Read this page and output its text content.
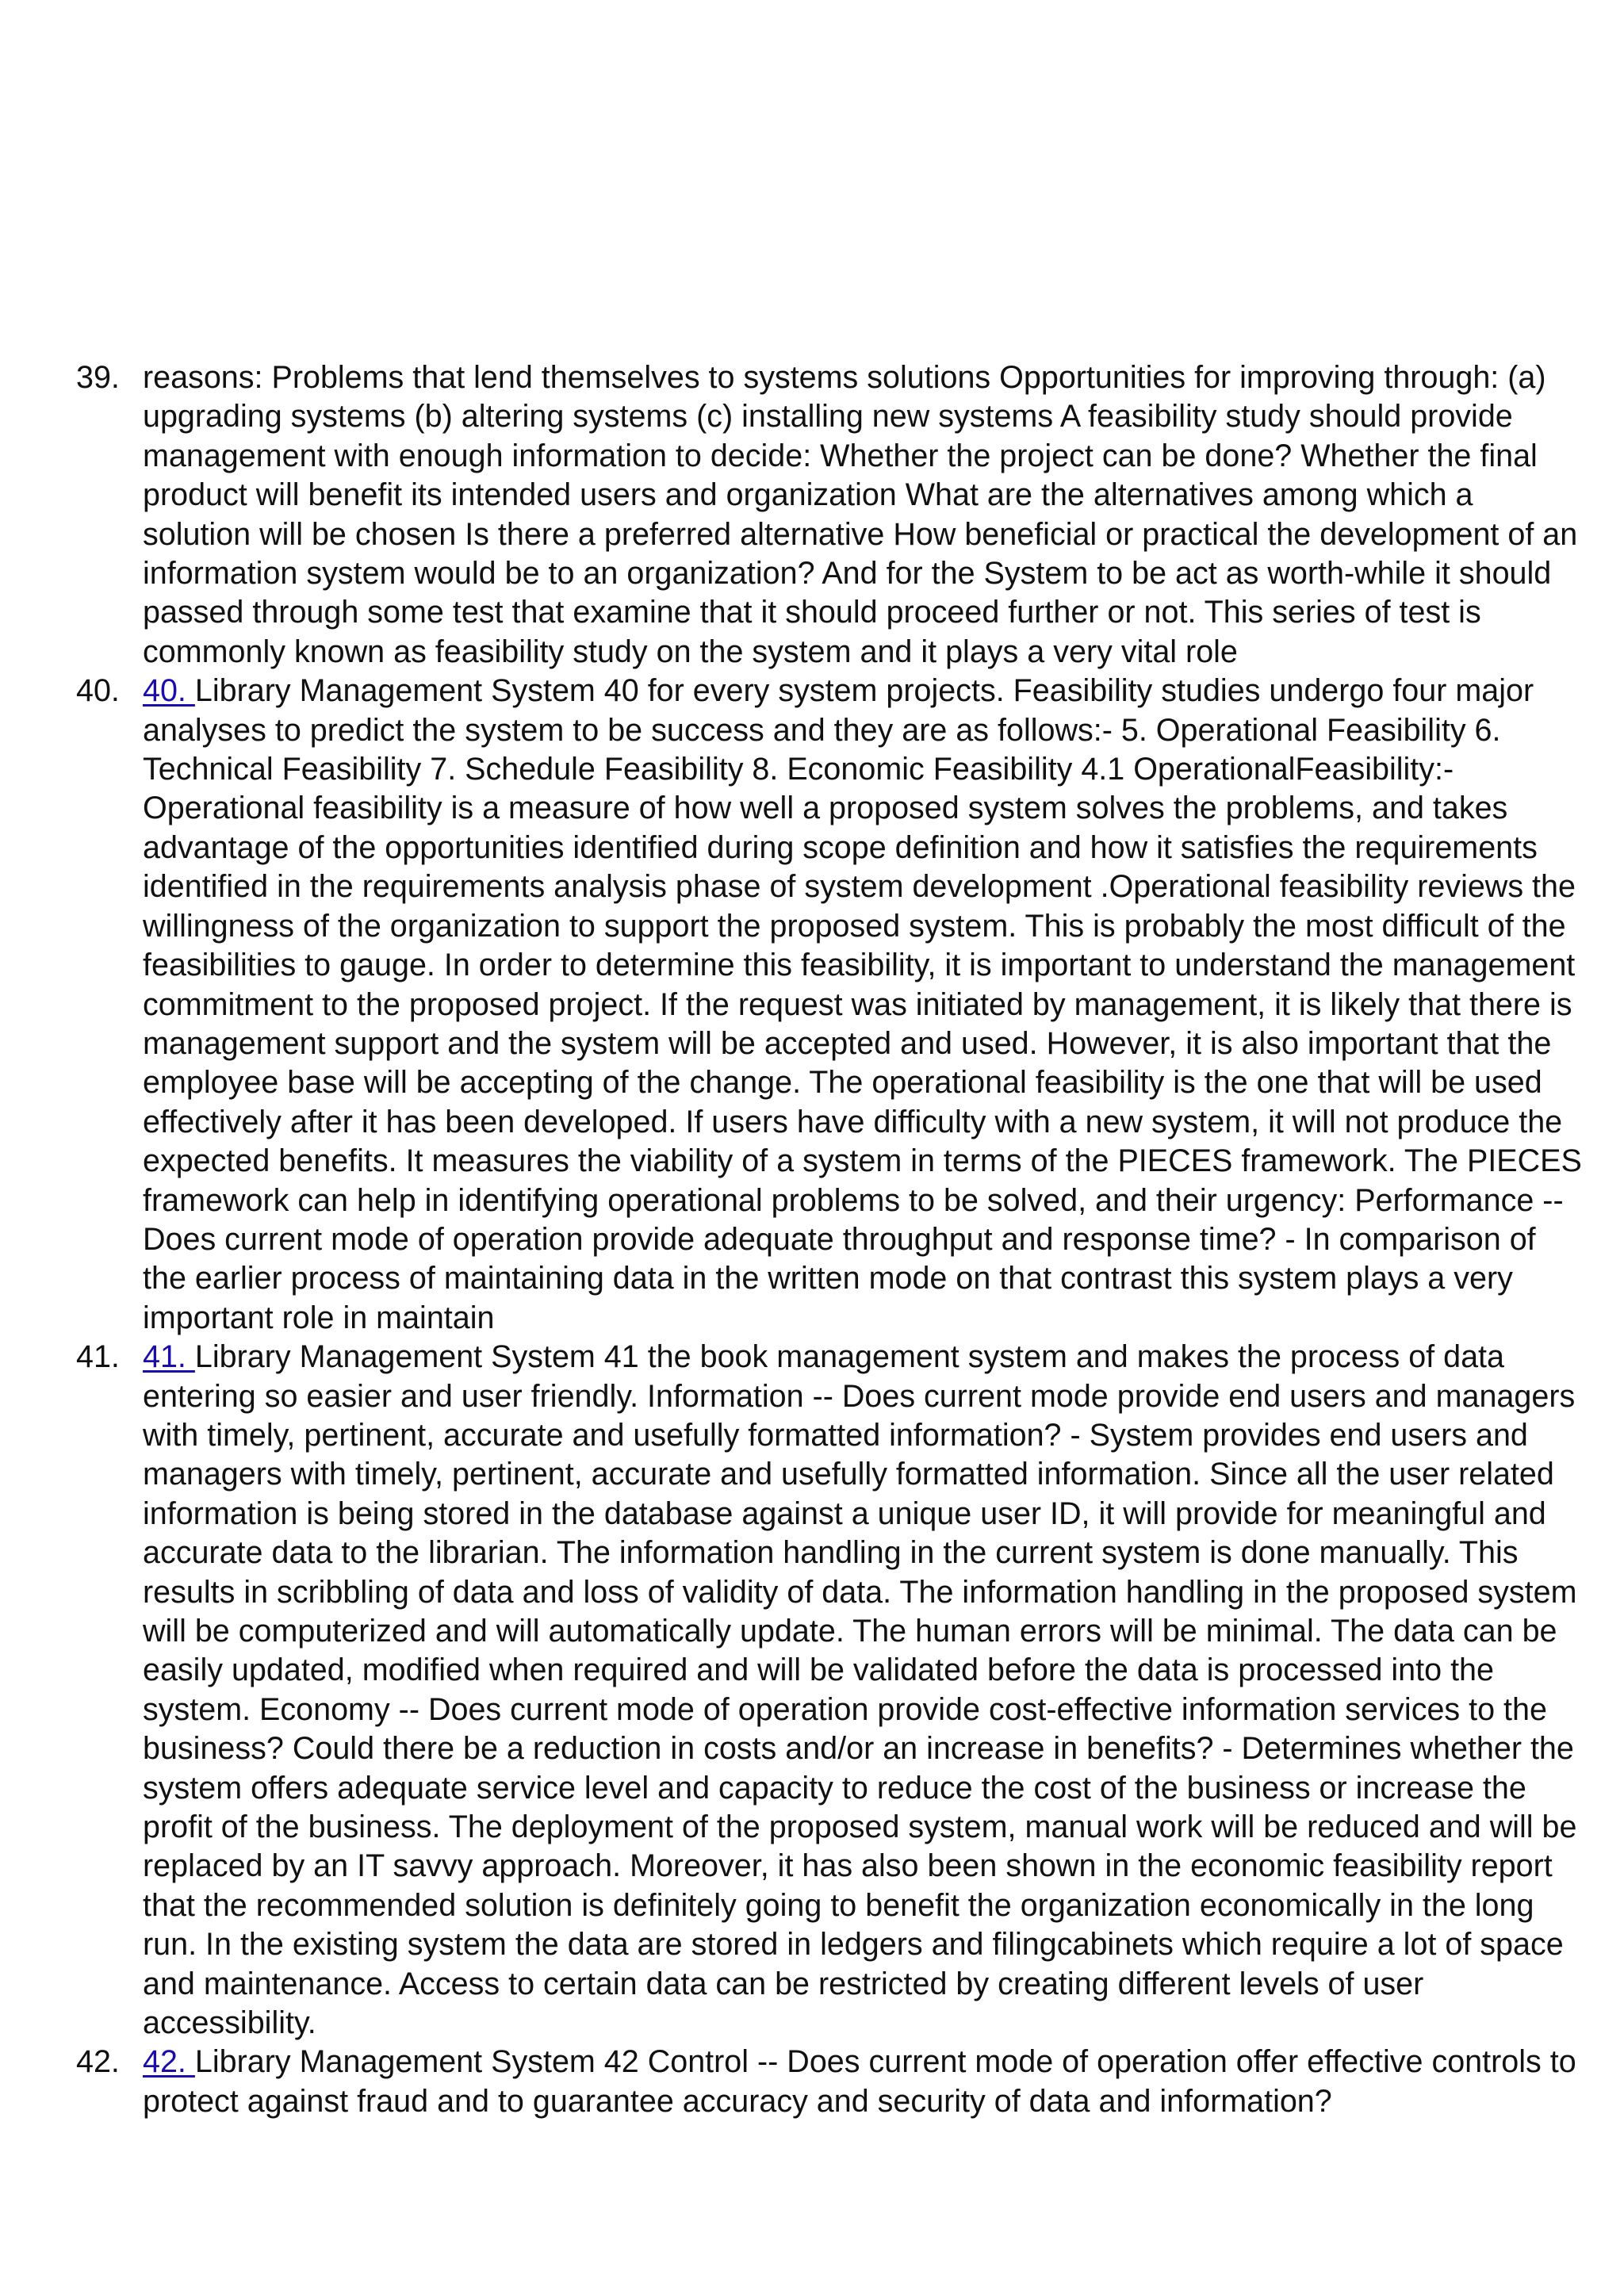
39. reasons: Problems that lend themselves to systems solutions Opportunities for improving through: (a) upgrading systems (b) altering systems (c) installing new systems A feasibility study should provide management with enough information to decide: Whether the project can be done? Whether the final product will benefit its intended users and organization What are the alternatives among which a solution will be chosen Is there a preferred alternative How beneficial or practical the development of an information system would be to an organization? And for the System to be act as worth-while it should passed through some test that examine that it should proceed further or not. This series of test is commonly known as feasibility study on the system and it plays a very vital role
40. 40. Library Management System 40 for every system projects. Feasibility studies undergo four major analyses to predict the system to be success and they are as follows:- 5. Operational Feasibility 6. Technical Feasibility 7. Schedule Feasibility 8. Economic Feasibility 4.1 OperationalFeasibility:- Operational feasibility is a measure of how well a proposed system solves the problems, and takes advantage of the opportunities identified during scope definition and how it satisfies the requirements identified in the requirements analysis phase of system development .Operational feasibility reviews the willingness of the organization to support the proposed system. This is probably the most difficult of the feasibilities to gauge. In order to determine this feasibility, it is important to understand the management commitment to the proposed project. If the request was initiated by management, it is likely that there is management support and the system will be accepted and used. However, it is also important that the employee base will be accepting of the change. The operational feasibility is the one that will be used effectively after it has been developed. If users have difficulty with a new system, it will not produce the expected benefits. It measures the viability of a system in terms of the PIECES framework. The PIECES framework can help in identifying operational problems to be solved, and their urgency: Performance -- Does current mode of operation provide adequate throughput and response time? - In comparison of the earlier process of maintaining data in the written mode on that contrast this system plays a very important role in maintain
41. 41. Library Management System 41 the book management system and makes the process of data entering so easier and user friendly. Information -- Does current mode provide end users and managers with timely, pertinent, accurate and usefully formatted information? - System provides end users and managers with timely, pertinent, accurate and usefully formatted information. Since all the user related information is being stored in the database against a unique user ID, it will provide for meaningful and accurate data to the librarian. The information handling in the current system is done manually. This results in scribbling of data and loss of validity of data. The information handling in the proposed system will be computerized and will automatically update. The human errors will be minimal. The data can be easily updated, modified when required and will be validated before the data is processed into the system. Economy -- Does current mode of operation provide cost-effective information services to the business? Could there be a reduction in costs and/or an increase in benefits? - Determines whether the system offers adequate service level and capacity to reduce the cost of the business or increase the profit of the business. The deployment of the proposed system, manual work will be reduced and will be replaced by an IT savvy approach. Moreover, it has also been shown in the economic feasibility report that the recommended solution is definitely going to benefit the organization economically in the long run. In the existing system the data are stored in ledgers and filingcabinets which require a lot of space and maintenance. Access to certain data can be restricted by creating different levels of user accessibility.
42. 42. Library Management System 42 Control -- Does current mode of operation offer effective controls to protect against fraud and to guarantee accuracy and security of data and information?
